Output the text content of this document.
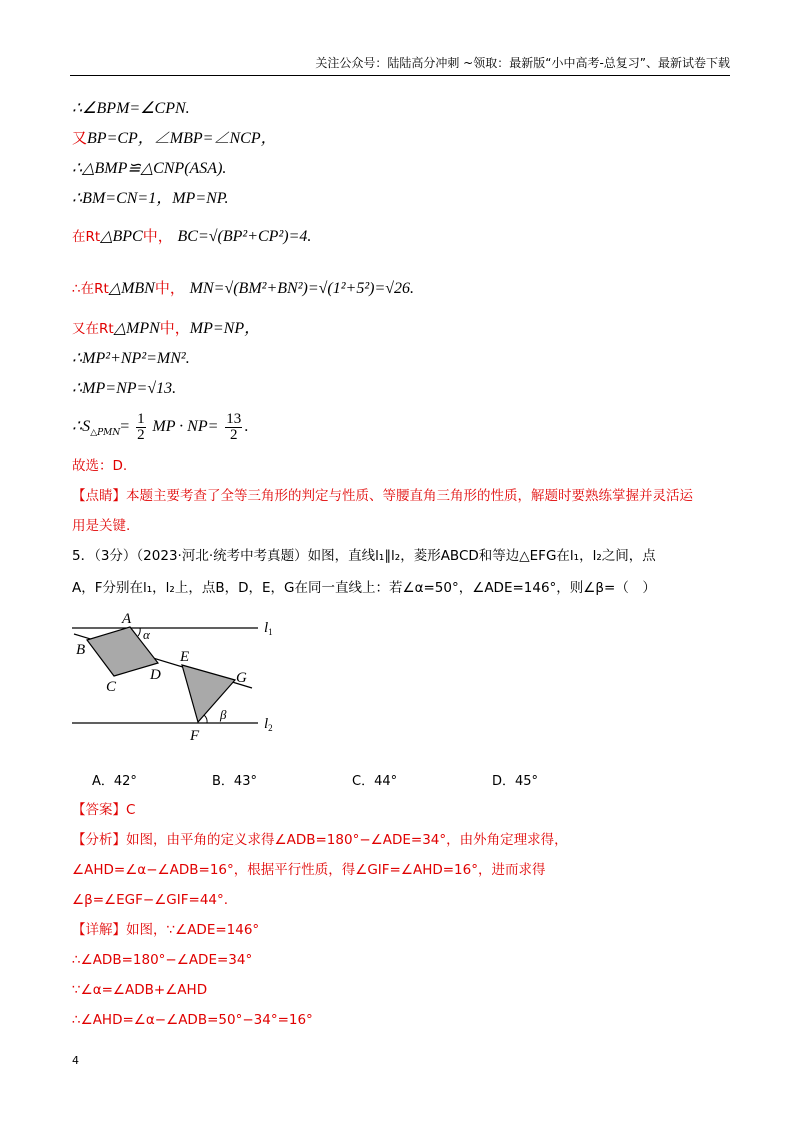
关注公众号：陆陆高分冲刺 ~领取：最新版“小中高考-总复习”、最新试卷下载
∴∠BPM=∠CPN.
又BP=CP，∠MBP=∠NCP，
∴△BMP≌△CNP(ASA).
∴BM=CN=1，MP=NP.
在Rt△BPC中， BC=√(BP²+CP²)=4.
∴在Rt△MBN中， MN=√(BM²+BN²)=√(1²+5²)=√26.
又在Rt△MPN中，MP=NP，
∴MP²+NP²=MN².
∴MP=NP=√13.
$\therefore S_{\triangle PMN}= \frac{1}{2}$ MP · $NP= \frac{13}{2}$ .
故选：D.
【点睛】本题主要考查了全等三角形的判定与性质、等腰直角三角形的性质，解题时要熟练掌握并灵活运
用是关键.
5．（3分）（2023·河北·统考中考真题）如图，直线l₁∥l₂，菱形ABCD和等边△EFG在l₁，l₂之间，点
A，F分别在l₁，l₂上，点B，D，E，G在同一直线上：若∠α=50°，∠ADE=146°，则∠β=（　）
A
B
C
D
E
G
F
α
β
$l_1$
$l_2$
A．42°	B．43°	C．44°	D．45°
【答案】C
【分析】如图，由平角的定义求得∠ADB=180°−∠ADE=34°，由外角定理求得，
∠AHD=∠α−∠ADB=16°，根据平行性质，得∠GIF=∠AHD=16°，进而求得
∠β=∠EGF−∠GIF=44°.
【详解】如图，∵∠ADE=146°
∴∠ADB=180°−∠ADE=34°
∵∠α=∠ADB+∠AHD
∴∠AHD=∠α−∠ADB=50°−34°=16°
4
